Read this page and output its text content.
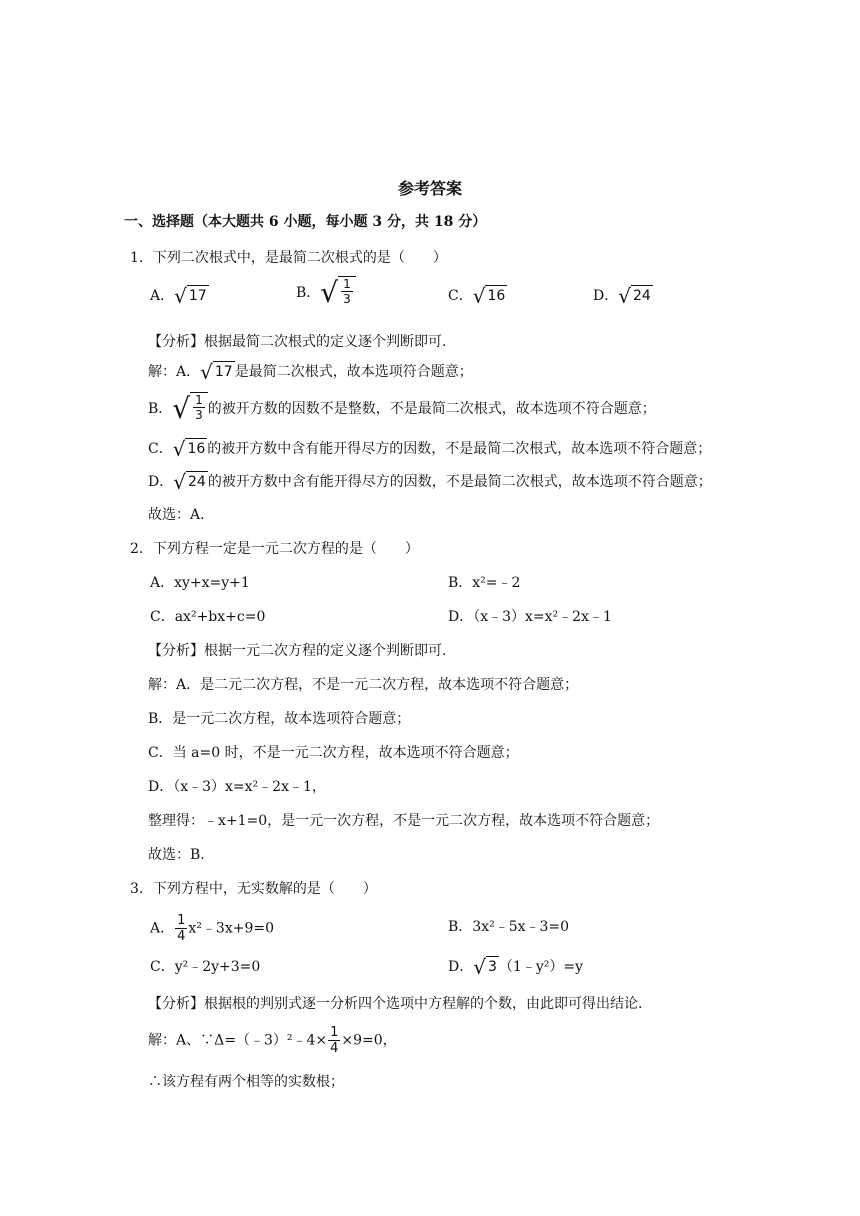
参考答案
一、选择题（本大题共 6 小题，每小题 3 分，共 18 分）
1．下列二次根式中，是最简二次根式的是（　　）
A． √ 17	B． √ $\frac{1}{3}$	C． √ 16	D． √ 24
【分析】根据最简二次根式的定义逐个判断即可.
解：A． √ 17 是最简二次根式，故本选项符合题意；
B． √ $\frac{1}{3}$ 的被开方数的因数不是整数，不是最简二次根式，故本选项不符合题意；
C． √ 16 的被开方数中含有能开得尽方的因数，不是最简二次根式，故本选项不符合题意；
D． √ 24 的被开方数中含有能开得尽方的因数，不是最简二次根式，故本选项不符合题意；
故选：A.
2．下列方程一定是一元二次方程的是（　　）
A．xy+x=y+1	B．x²=﹣2
C．ax²+bx+c=0	D．（x﹣3）x=x²﹣2x﹣1
【分析】根据一元二次方程的定义逐个判断即可.
解：A．是二元二次方程，不是一元二次方程，故本选项不符合题意；
B．是一元二次方程，故本选项符合题意；
C．当 a=0 时，不是一元二次方程，故本选项不符合题意；
D．（x﹣3）x=x²﹣2x﹣1，
整理得：﹣x+1=0，是一元一次方程，不是一元二次方程，故本选项不符合题意；
故选：B.
3．下列方程中，无实数解的是（　　）
A． $\frac{1}{4}$ x²﹣3x+9=0	B．3x²﹣5x﹣3=0
C．y²﹣2y+3=0	D． √ 3 （1﹣y²）=y
【分析】根据根的判别式逐一分析四个选项中方程解的个数，由此即可得出结论.
解：A、∵Δ=（﹣3）²﹣4× $\frac{1}{4} \times 9=0$，
∴该方程有两个相等的实数根；
